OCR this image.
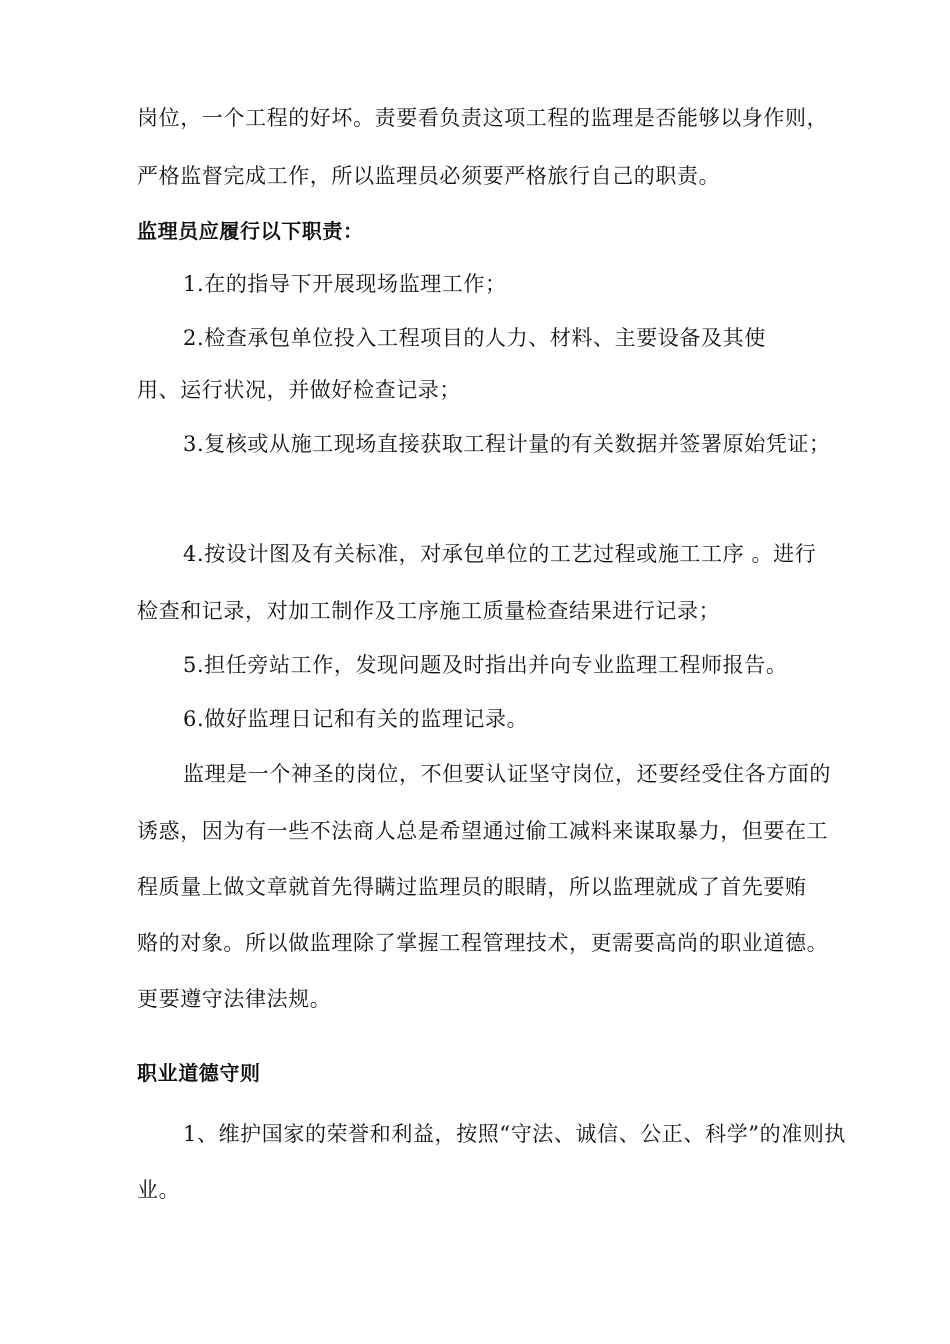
岗位，一个工程的好坏。责要看负责这项工程的监理是否能够以身作则，
严格监督完成工作，所以监理员必须要严格旅行自己的职责。
监理员应履行以下职责：
1.在的指导下开展现场监理工作；
2.检查承包单位投入工程项目的人力、材料、主要设备及其使
用、运行状况，并做好检查记录；
3.复核或从施工现场直接获取工程计量的有关数据并签署原始凭证；
4.按设计图及有关标准，对承包单位的工艺过程或施工工序 。进行
检查和记录，对加工制作及工序施工质量检查结果进行记录；
5.担任旁站工作，发现问题及时指出并向专业监理工程师报告。
6.做好监理日记和有关的监理记录。
监理是一个神圣的岗位，不但要认证坚守岗位，还要经受住各方面的
诱惑，因为有一些不法商人总是希望通过偷工减料来谋取暴力，但要在工
程质量上做文章就首先得瞒过监理员的眼睛，所以监理就成了首先要贿
赂的对象。所以做监理除了掌握工程管理技术，更需要高尚的职业道德。
更要遵守法律法规。
职业道德守则
1、维护国家的荣誉和利益，按照“守法、诚信、公正、科学”的准则执
业。
